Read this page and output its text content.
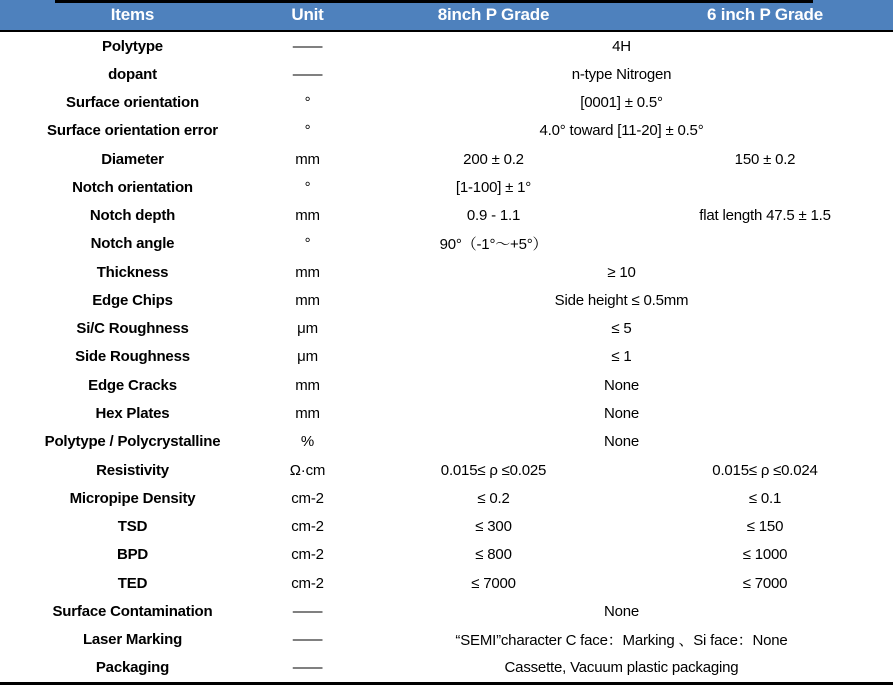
Items	Unit	8inch P Grade	6 inch P Grade
Polytype	——	4H
dopant	——	n-type Nitrogen
Surface orientation	°	[0001] ± 0.5°
Surface orientation error	°	4.0° toward [11-20] ± 0.5°
Diameter	mm	200 ± 0.2	150 ± 0.2
Notch orientation	°	[1-100] ± 1°
Notch depth	mm	0.9 - 1.1	flat length 47.5 ± 1.5
Notch angle	°	90°（-1°～+5°）
Thickness	mm	≥ 10
Edge Chips	mm	Side height ≤ 0.5mm
Si/C Roughness	μm	≤ 5
Side Roughness	μm	≤ 1
Edge Cracks	mm	None
Hex Plates	mm	None
Polytype / Polycrystalline	%	None
Resistivity	Ω·cm	0.015≤ ρ ≤0.025	0.015≤ ρ ≤0.024
Micropipe Density	cm-2	≤ 0.2	≤ 0.1
TSD	cm-2	≤ 300	≤ 150
BPD	cm-2	≤ 800	≤ 1000
TED	cm-2	≤ 7000	≤ 7000
Surface Contamination	——	None
Laser Marking	——	“SEMI”character C face：Marking 、Si face：None
Packaging	——	Cassette, Vacuum plastic packaging
